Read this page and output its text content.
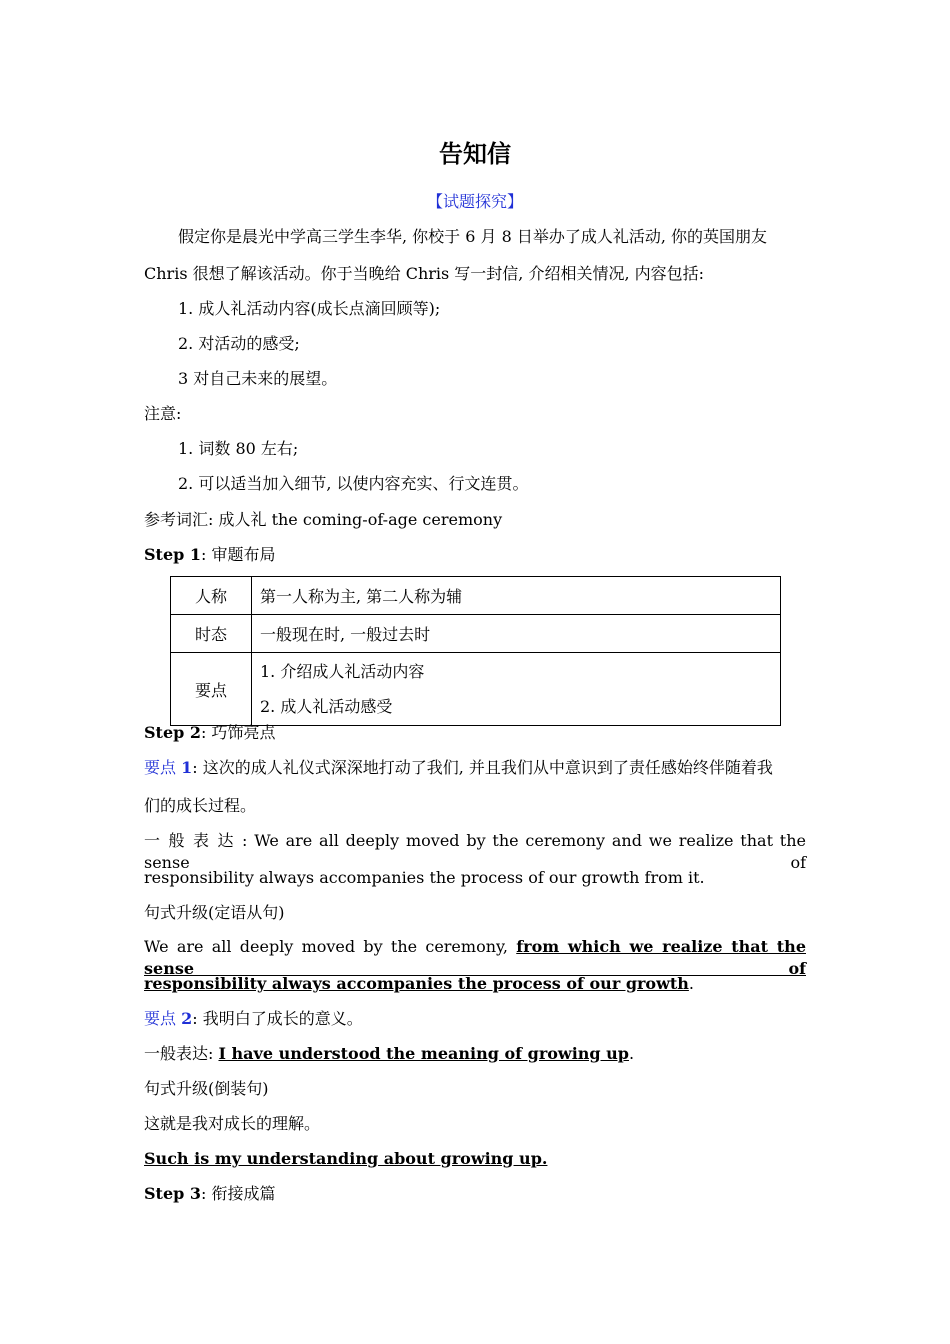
告知信
【试题探究】
假定你是晨光中学高三学生李华, 你校于 6 月 8 日举办了成人礼活动, 你的英国朋友
Chris 很想了解该活动。你于当晚给 Chris 写一封信, 介绍相关情况, 内容包括:
1. 成人礼活动内容(成长点滴回顾等);
2. 对活动的感受;
3 对自己未来的展望。
注意:
1. 词数 80 左右;
2. 可以适当加入细节, 以使内容充实、行文连贯。
参考词汇: 成人礼 the coming-of-age ceremony
Step 1: 审题布局
人称	第一人称为主, 第二人称为辅
时态	一般现在时, 一般过去时
要点	1. 介绍成人礼活动内容
2. 成人礼活动感受
Step 2: 巧饰亮点
要点 1: 这次的成人礼仪式深深地打动了我们, 并且我们从中意识到了责任感始终伴随着我
们的成长过程。
一 般 表 达 : We are all deeply moved by the ceremony and we realize that the sense of
responsibility always accompanies the process of our growth from it.
句式升级(定语从句)
We are all deeply moved by the ceremony, from which we realize that the sense of
responsibility always accompanies the process of our growth.
要点 2: 我明白了成长的意义。
一般表达: I have understood the meaning of growing up.
句式升级(倒装句)
这就是我对成长的理解。
Such is my understanding about growing up.
Step 3: 衔接成篇
